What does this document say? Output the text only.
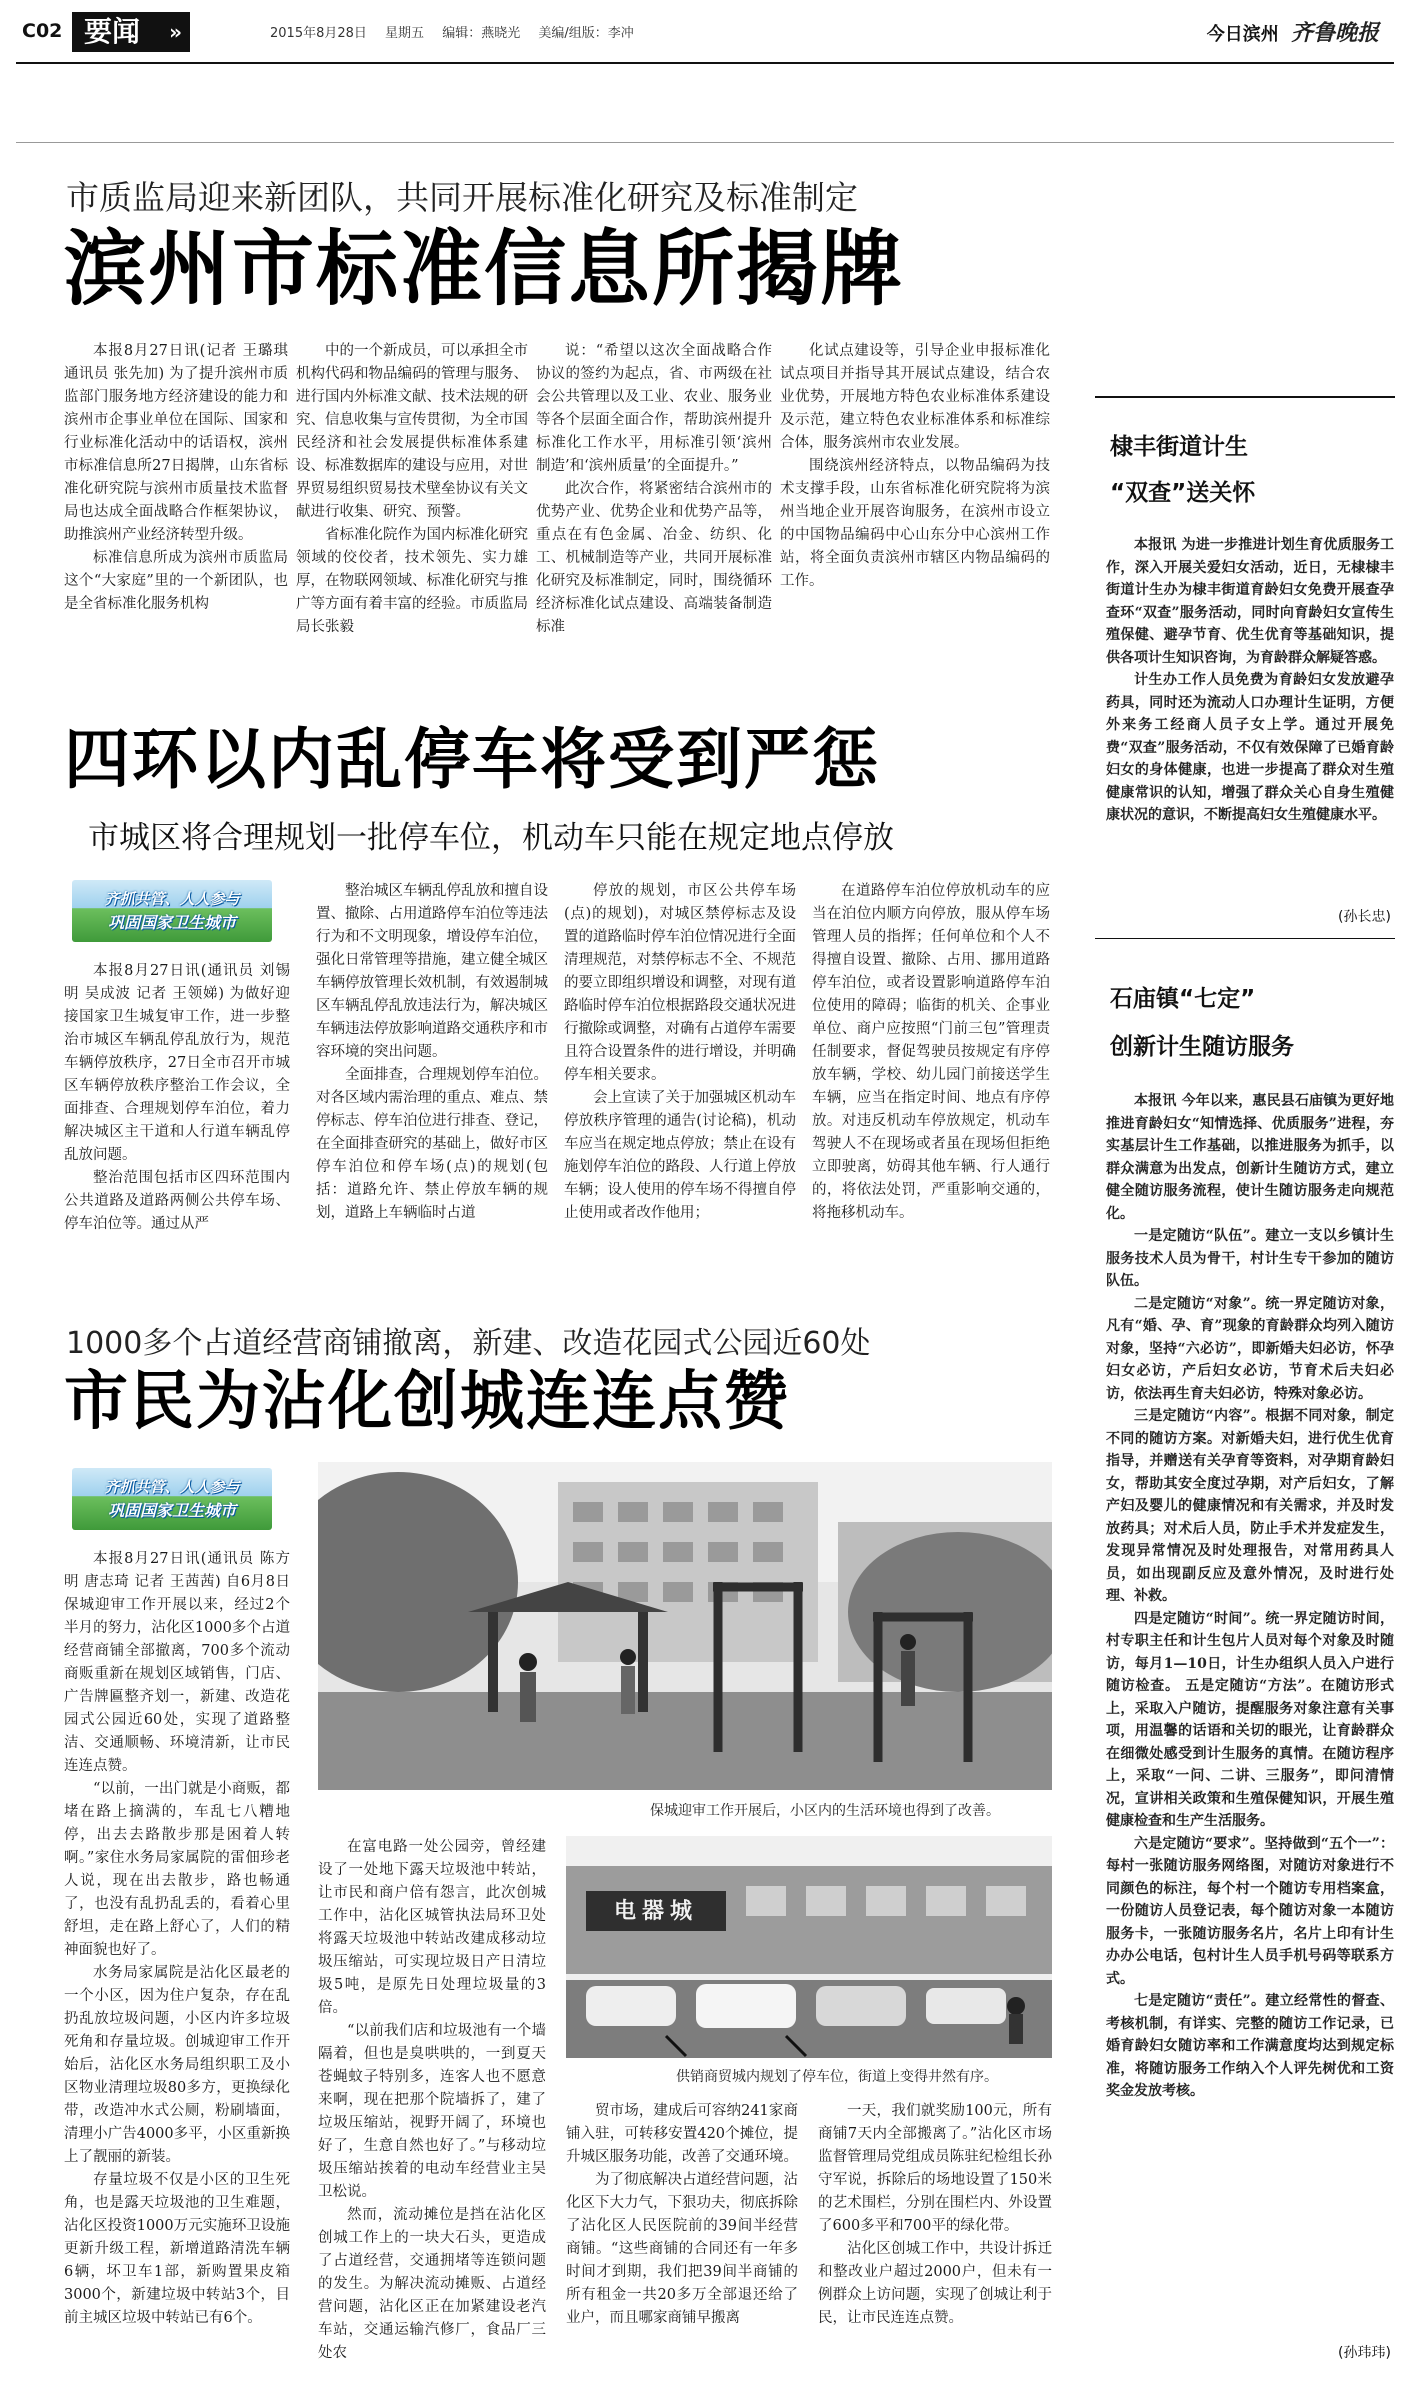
C02 要闻 »	2015年8月28日 星期五 编辑：燕晓光 美编/组版：李冲	今日滨州 齐鲁晚报
市质监局迎来新团队，共同开展标准化研究及标准制定
滨州市标准信息所揭牌

本报8月27日讯(记者 王璐琪 通讯员 张先加) 为了提升滨州市质监部门服务地方经济建设的能力和滨州市企事业单位在国际、国家和行业标准化活动中的话语权，滨州市标准信息所27日揭牌，山东省标准化研究院与滨州市质量技术监督局也达成全面战略合作框架协议，助推滨州产业经济转型升级。

标准信息所成为滨州市质监局这个“大家庭”里的一个新团队，也是全省标准化服务机构

中的一个新成员，可以承担全市机构代码和物品编码的管理与服务、进行国内外标准文献、技术法规的研究、信息收集与宣传贯彻，为全市国民经济和社会发展提供标准体系建设、标准数据库的建设与应用，对世界贸易组织贸易技术壁垒协议有关文献进行收集、研究、预警。

省标准化院作为国内标准化研究领域的佼佼者，技术领先、实力雄厚，在物联网领域、标准化研究与推广等方面有着丰富的经验。市质监局局长张毅

说：“希望以这次全面战略合作协议的签约为起点，省、市两级在社会公共管理以及工业、农业、服务业等各个层面全面合作，帮助滨州提升标准化工作水平，用标准引领‘滨州制造’和‘滨州质量’的全面提升。”

此次合作，将紧密结合滨州市的优势产业、优势企业和优势产品等，重点在有色金属、冶金、纺织、化工、机械制造等产业，共同开展标准化研究及标准制定，同时，围绕循环经济标准化试点建设、高端装备制造标准

化试点建设等，引导企业申报标准化试点项目并指导其开展试点建设，结合农业优势，开展地方特色农业标准体系建设及示范，建立特色农业标准体系和标准综合体，服务滨州市农业发展。

围绕滨州经济特点，以物品编码为技术支撑手段，山东省标准化研究院将为滨州当地企业开展咨询服务，在滨州市设立的中国物品编码中心山东分中心滨州工作站，将全面负责滨州市辖区内物品编码的工作。

四环以内乱停车将受到严惩
市城区将合理规划一批停车位，机动车只能在规定地点停放
齐抓共管、人人参与
巩固国家卫生城市

本报8月27日讯(通讯员 刘锡明 吴成波 记者 王领娣) 为做好迎接国家卫生城复审工作，进一步整治市城区车辆乱停乱放行为，规范车辆停放秩序，27日全市召开市城区车辆停放秩序整治工作会议，全面排查、合理规划停车泊位，着力解决城区主干道和人行道车辆乱停乱放问题。

整治范围包括市区四环范围内公共道路及道路两侧公共停车场、停车泊位等。通过从严

整治城区车辆乱停乱放和擅自设置、撤除、占用道路停车泊位等违法行为和不文明现象，增设停车泊位，强化日常管理等措施，建立健全城区车辆停放管理长效机制，有效遏制城区车辆乱停乱放违法行为，解决城区车辆违法停放影响道路交通秩序和市容环境的突出问题。

全面排查，合理规划停车泊位。对各区域内需治理的重点、难点、禁停标志、停车泊位进行排查、登记，在全面排查研究的基础上，做好市区停车泊位和停车场(点)的规划(包括：道路允许、禁止停放车辆的规划，道路上车辆临时占道

停放的规划，市区公共停车场(点)的规划)，对城区禁停标志及设置的道路临时停车泊位情况进行全面清理规范，对禁停标志不全、不规范的要立即组织增设和调整，对现有道路临时停车泊位根据路段交通状况进行撤除或调整，对确有占道停车需要且符合设置条件的进行增设，并明确停车相关要求。

会上宣读了关于加强城区机动车停放秩序管理的通告(讨论稿)，机动车应当在规定地点停放；禁止在设有施划停车泊位的路段、人行道上停放车辆；设人使用的停车场不得擅自停止使用或者改作他用；

在道路停车泊位停放机动车的应当在泊位内顺方向停放，服从停车场管理人员的指挥；任何单位和个人不得擅自设置、撤除、占用、挪用道路停车泊位，或者设置影响道路停车泊位使用的障碍；临街的机关、企事业单位、商户应按照“门前三包”管理责任制要求，督促驾驶员按规定有序停放车辆，学校、幼儿园门前接送学生车辆，应当在指定时间、地点有序停放。对违反机动车停放规定，机动车驾驶人不在现场或者虽在现场但拒绝立即驶离，妨碍其他车辆、行人通行的，将依法处罚，严重影响交通的，将拖移机动车。

1000多个占道经营商铺撤离，新建、改造花园式公园近60处
市民为沾化创城连连点赞
齐抓共管、人人参与
巩固国家卫生城市

本报8月27日讯(通讯员 陈方明 唐志琦 记者 王茜茜) 自6月8日保城迎审工作开展以来，经过2个半月的努力，沾化区1000多个占道经营商铺全部撤离，700多个流动商贩重新在规划区域销售，门店、广告牌匾整齐划一，新建、改造花园式公园近60处，实现了道路整洁、交通顺畅、环境清新，让市民连连点赞。

“以前，一出门就是小商贩，都堵在路上摘满的，车乱七八糟地停，出去去路散步那是困着人转啊。”家住水务局家属院的雷佃珍老人说，现在出去散步，路也畅通了，也没有乱扔乱丢的，看着心里舒坦，走在路上舒心了，人们的精神面貌也好了。

水务局家属院是沾化区最老的一个小区，因为住户复杂，存在乱扔乱放垃圾问题，小区内许多垃圾死角和存量垃圾。创城迎审工作开始后，沾化区水务局组织职工及小区物业清理垃圾80多方，更换绿化带，改造冲水式公厕，粉刷墙面，清理小广告4000多平，小区重新换上了靓丽的新装。

存量垃圾不仅是小区的卫生死角，也是露天垃圾池的卫生难题，沾化区投资1000万元实施环卫设施更新升级工程，新增道路清洗车辆6辆，坏卫车1部，新购置果皮箱3000个，新建垃圾中转站3个，目前主城区垃圾中转站已有6个。

保城迎审工作开展后，小区内的生活环境也得到了改善。

在富电路一处公园旁，曾经建设了一处地下露天垃圾池中转站，让市民和商户倍有怨言，此次创城工作中，沾化区城管执法局环卫处将露天垃圾池中转站改建成移动垃圾压缩站，可实现垃圾日产日清垃圾5吨，是原先日处理垃圾量的3倍。

“以前我们店和垃圾池有一个墙隔着，但也是臭哄哄的，一到夏天苍蝇蚊子特别多，连客人也不愿意来啊，现在把那个院墙拆了，建了垃圾压缩站，视野开阔了，环境也好了，生意自然也好了。”与移动垃圾压缩站挨着的电动车经营业主吴卫松说。

然而，流动摊位是挡在沾化区创城工作上的一块大石头，更造成了占道经营，交通拥堵等连锁问题的发生。为解决流动摊贩、占道经营问题，沾化区正在加紧建设老汽车站，交通运输汽修厂，食品厂三处农

电器城
供销商贸城内规划了停车位，街道上变得井然有序。

贸市场，建成后可容纳241家商铺入驻，可转移安置420个摊位，提升城区服务功能，改善了交通环境。

为了彻底解决占道经营问题，沾化区下大力气，下狠功夫，彻底拆除了沾化区人民医院前的39间半经营商铺。“这些商铺的合同还有一年多时间才到期，我们把39间半商铺的所有租金一共20多万全部退还给了业户，而且哪家商铺早搬离

一天，我们就奖励100元，所有商铺7天内全部搬离了。”沾化区市场监督管理局党组成员陈驻纪检组长孙守军说，拆除后的场地设置了150米的艺术围栏，分别在围栏内、外设置了600多平和700平的绿化带。

沾化区创城工作中，共设计拆迁和整改业户超过2000户，但未有一例群众上访问题，实现了创城让利于民，让市民连连点赞。

棣丰街道计生
“双查”送关怀

本报讯 为进一步推进计划生育优质服务工作，深入开展关爱妇女活动，近日，无棣棣丰街道计生办为棣丰街道育龄妇女免费开展查孕查环“双查”服务活动，同时向育龄妇女宣传生殖保健、避孕节育、优生优育等基础知识，提供各项计生知识咨询，为育龄群众解疑答惑。

计生办工作人员免费为育龄妇女发放避孕药具，同时还为流动人口办理计生证明，方便外来务工经商人员子女上学。通过开展免费“双查”服务活动，不仅有效保障了已婚育龄妇女的身体健康，也进一步提高了群众对生殖健康常识的认知，增强了群众关心自身生殖健康状况的意识，不断提高妇女生殖健康水平。

(孙长忠)
石庙镇“七定”
创新计生随访服务

本报讯 今年以来，惠民县石庙镇为更好地推进育龄妇女“知情选择、优质服务”进程，夯实基层计生工作基础，以推进服务为抓手，以群众满意为出发点，创新计生随访方式，建立健全随访服务流程，使计生随访服务走向规范化。

一是定随访“队伍”。建立一支以乡镇计生服务技术人员为骨干，村计生专干参加的随访队伍。

二是定随访“对象”。统一界定随访对象，凡有“婚、孕、育”现象的育龄群众均列入随访对象，坚持“六必访”，即新婚夫妇必访，怀孕妇女必访，产后妇女必访，节育术后夫妇必访，依法再生育夫妇必访，特殊对象必访。

三是定随访“内容”。根据不同对象，制定不同的随访方案。对新婚夫妇，进行优生优育指导，并赠送有关孕育等资料，对孕期育龄妇女，帮助其安全度过孕期，对产后妇女，了解产妇及婴儿的健康情况和有关需求，并及时发放药具；对术后人员，防止手术并发症发生，发现异常情况及时处理报告，对常用药具人员，如出现副反应及意外情况，及时进行处理、补救。

四是定随访“时间”。统一界定随访时间，村专职主任和计生包片人员对每个对象及时随访，每月1—10日，计生办组织人员入户进行随访检查。 五是定随访“方法”。在随访形式上，采取入户随访，提醒服务对象注意有关事项，用温馨的话语和关切的眼光，让育龄群众在细微处感受到计生服务的真情。在随访程序上，采取“一问、二讲、三服务”，即问清情况，宣讲相关政策和生殖保健知识，开展生殖健康检查和生产生活服务。

六是定随访“要求”。坚持做到“五个一”：每村一张随访服务网络图，对随访对象进行不同颜色的标注，每个村一个随访专用档案盒，一份随访人员登记表，每个随访对象一本随访服务卡，一张随访服务名片，名片上印有计生办办公电话，包村计生人员手机号码等联系方式。

七是定随访“责任”。建立经常性的督查、考核机制，有详实、完整的随访工作记录，已婚育龄妇女随访率和工作满意度均达到规定标准，将随访服务工作纳入个人评先树优和工资奖金发放考核。

(孙玮玮)
